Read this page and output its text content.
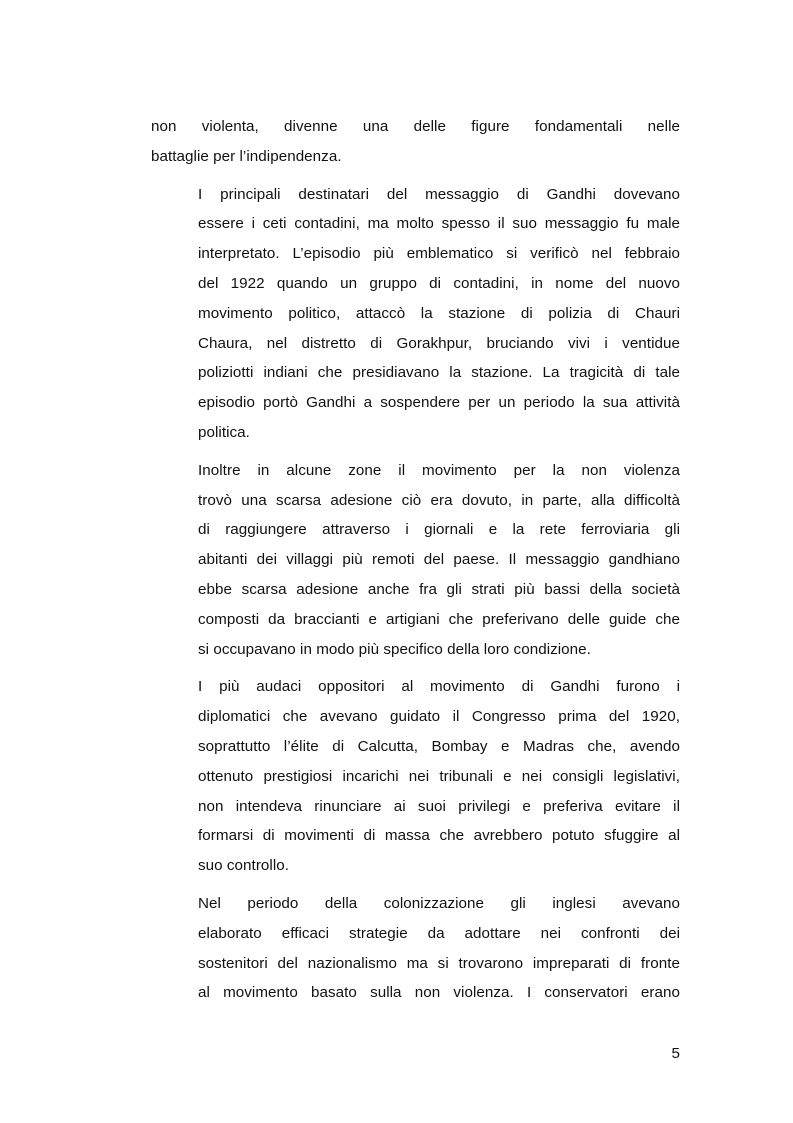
non violenta, divenne una delle figure fondamentali nelle
battaglie per l’indipendenza.

I principali destinatari del messaggio di Gandhi dovevano
essere i ceti contadini, ma molto spesso il suo messaggio fu male
interpretato. L’episodio più emblematico si verificò nel febbraio
del 1922 quando un gruppo di contadini, in nome del nuovo
movimento politico, attaccò la stazione di polizia di Chauri
Chaura, nel distretto di Gorakhpur, bruciando vivi i ventidue
poliziotti indiani che presidiavano la stazione. La tragicità di tale
episodio portò Gandhi a sospendere per un periodo la sua attività
politica.

Inoltre in alcune zone il movimento per la non violenza
trovò una scarsa adesione ciò era dovuto, in parte, alla difficoltà
di raggiungere attraverso i giornali e la rete ferroviaria gli
abitanti dei villaggi più remoti del paese. Il messaggio gandhiano
ebbe scarsa adesione anche fra gli strati più bassi della società
composti da braccianti e artigiani che preferivano delle guide che
si occupavano in modo più specifico della loro condizione.

I più audaci oppositori al movimento di Gandhi furono i
diplomatici che avevano guidato il Congresso prima del 1920,
soprattutto l’élite di Calcutta, Bombay e Madras che, avendo
ottenuto prestigiosi incarichi nei tribunali e nei consigli legislativi,
non intendeva rinunciare ai suoi privilegi e preferiva evitare il
formarsi di movimenti di massa che avrebbero potuto sfuggire al
suo controllo.

Nel periodo della colonizzazione gli inglesi avevano
elaborato efficaci strategie da adottare nei confronti dei
sostenitori del nazionalismo ma si trovarono impreparati di fronte
al movimento basato sulla non violenza. I conservatori erano

5
